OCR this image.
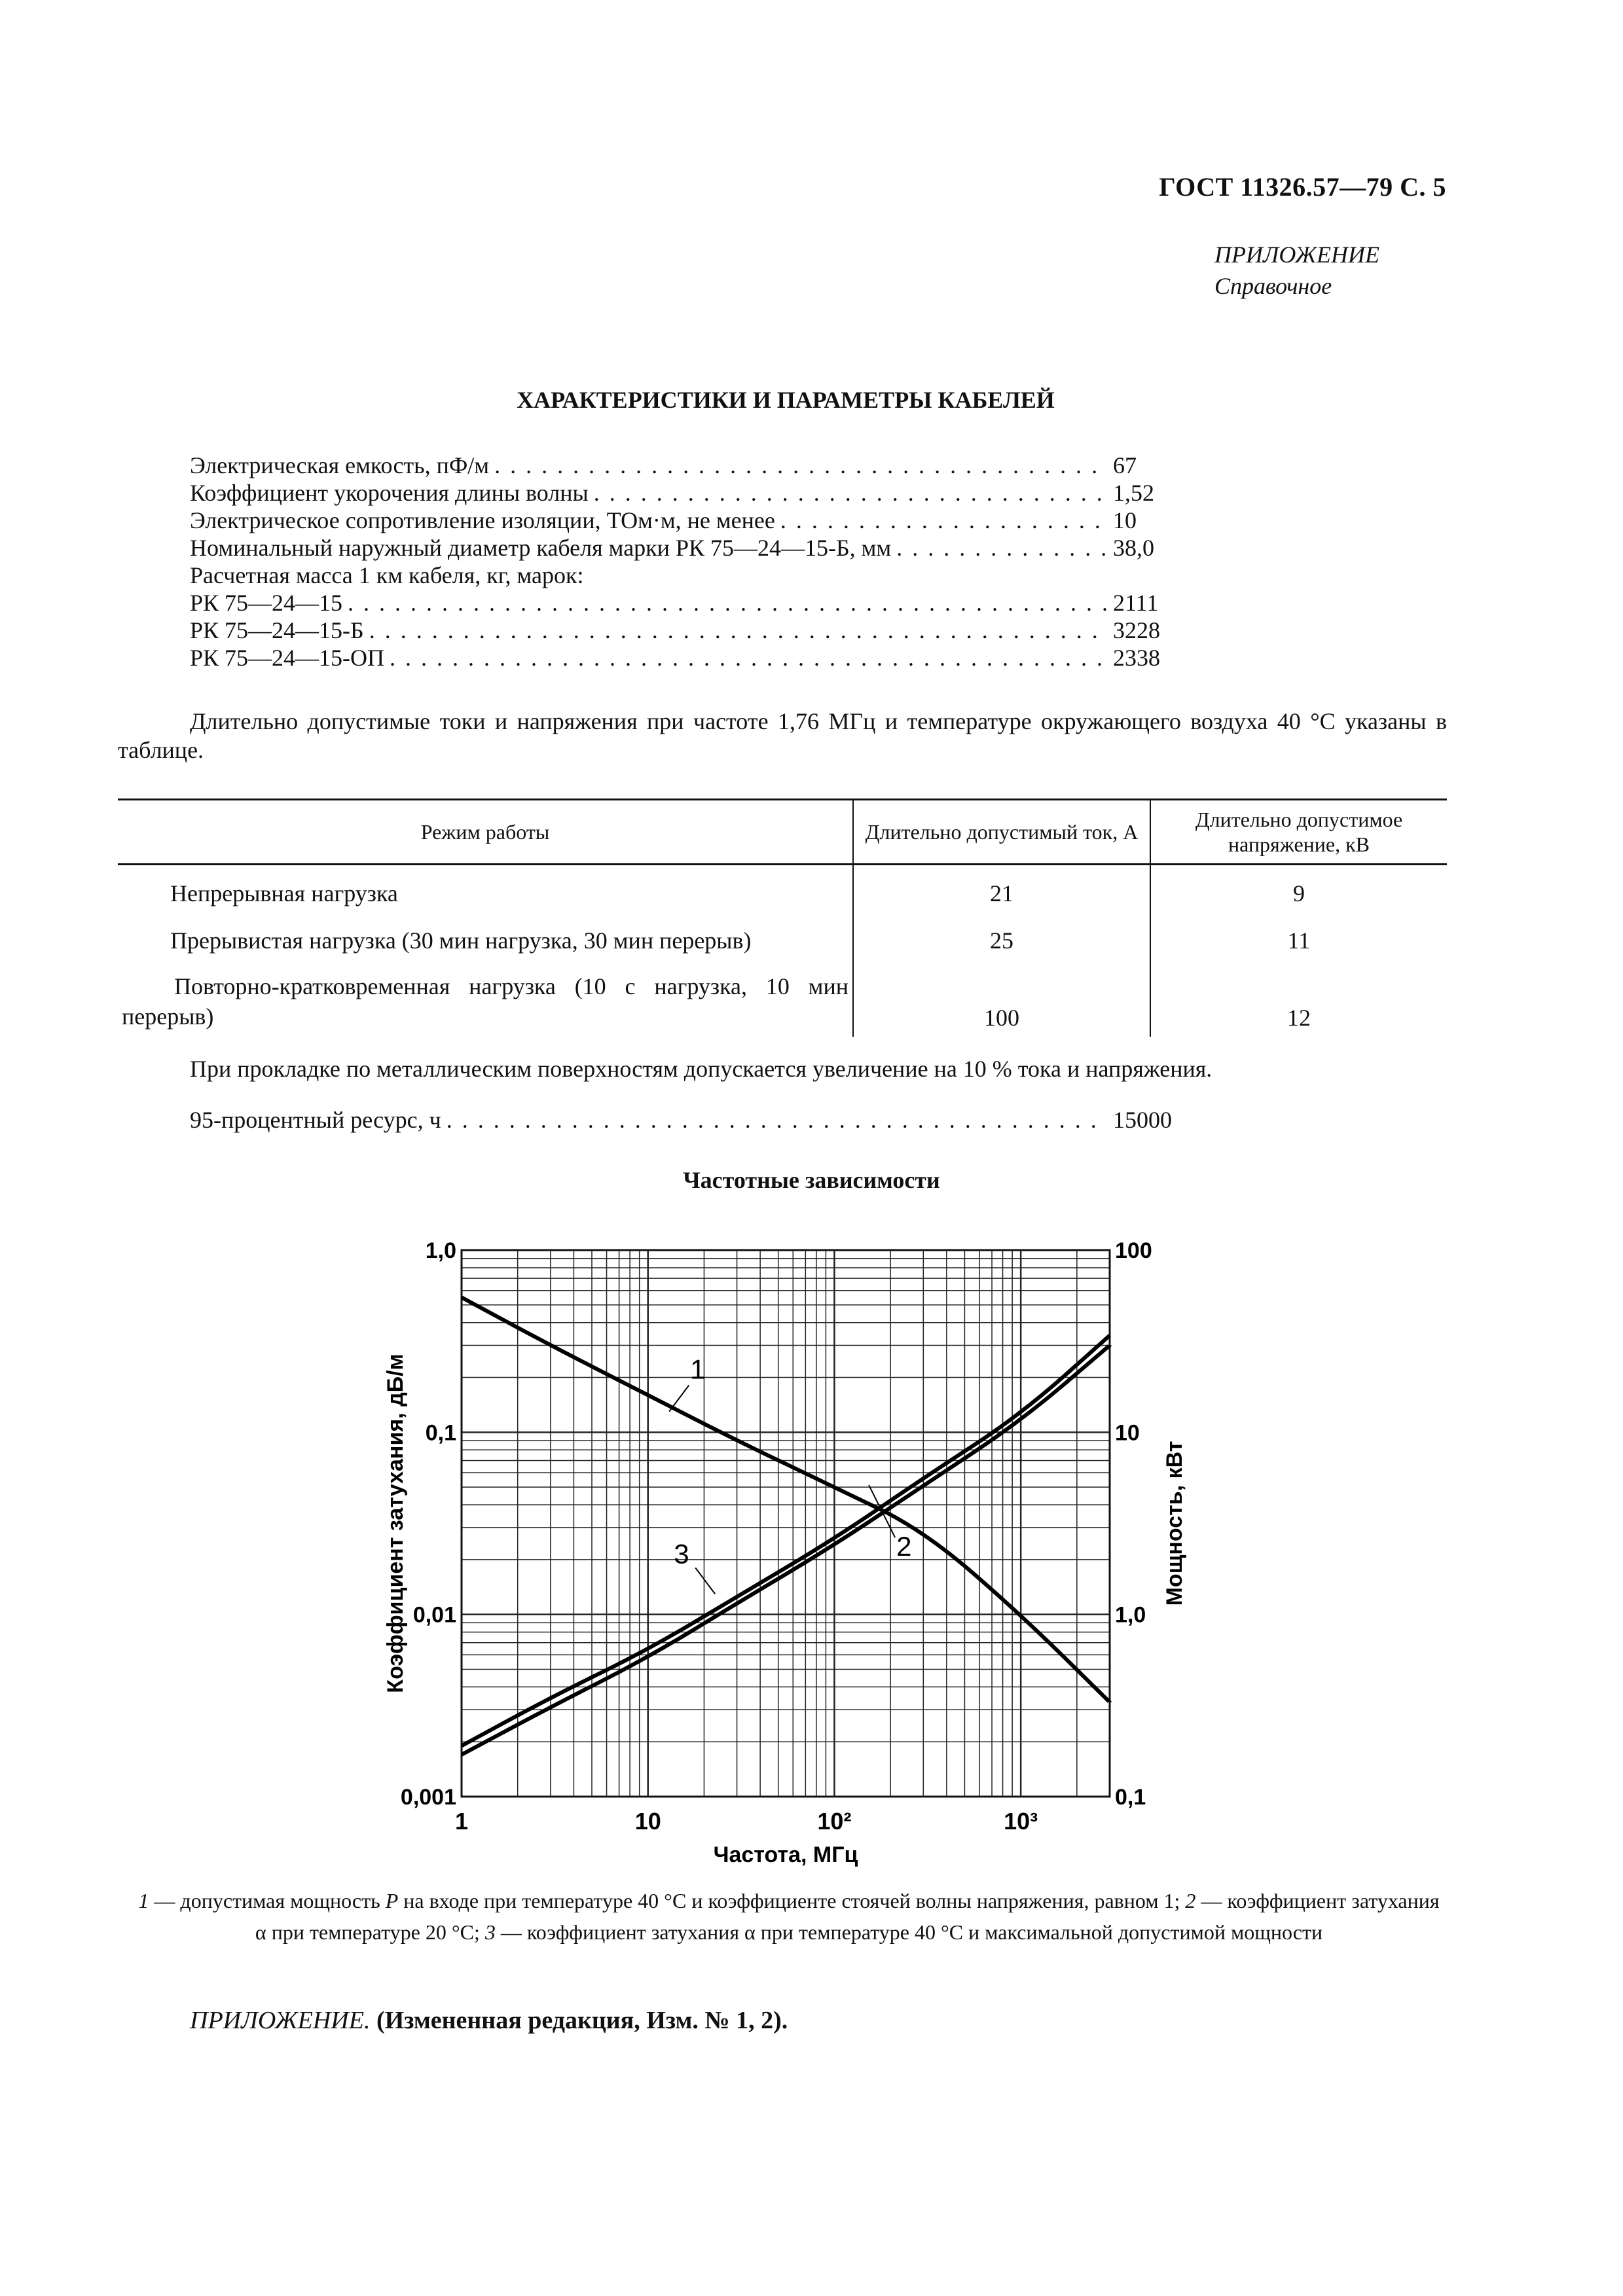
ГОСТ 11326.57—79 С. 5
ПРИЛОЖЕНИЕ
Справочное
ХАРАКТЕРИСТИКИ И ПАРАМЕТРЫ КАБЕЛЕЙ
Электрическая емкость, пФ/м . . .	67
Коэффициент укорочения длины волны . . .	1,52
Электрическое сопротивление изоляции, ТОм·м, не менее . . .	10
Номинальный наружный диаметр кабеля марки РК 75—24—15-Б, мм . . .	38,0
Расчетная масса 1 км кабеля, кг, марок:
РК 75—24—15 . . .	2111
РК 75—24—15-Б . . .	3228
РК 75—24—15-ОП . . .	2338
Длительно допустимые токи и напряжения при частоте 1,76 МГц и температуре окружающего воздуха 40 °С указаны в таблице.
Режим работы	Длительно допустимый ток, А	Длительно допустимое напряжение, кВ
Непрерывная нагрузка	21	9
Прерывистая нагрузка (30 мин нагрузка, 30 мин перерыв)	25	11
Повторно-кратковременная нагрузка (10 с нагрузка, 10 мин перерыв)	100	12
При прокладке по металлическим поверхностям допускается увеличение на 10 % тока и напряжения.
95-процентный ресурс, ч . . .	15000
Частотные зависимости
1	10	10²	10³
0,001
0,01
0,1
1,0
0,1
1,0
10
100
Частота, МГц
Коэффициент затухания, дБ/м	Мощность, кВт
1
2
3
1 — допустимая мощность P на входе при температуре 40 °С и коэффициенте стоячей волны напряжения, равном 1; 2 — коэффициент затухания α при температуре 20 °С; 3 — коэффициент затухания α при температуре 40 °С и максимальной допустимой мощности
ПРИЛОЖЕНИЕ. (Измененная редакция, Изм. № 1, 2).
